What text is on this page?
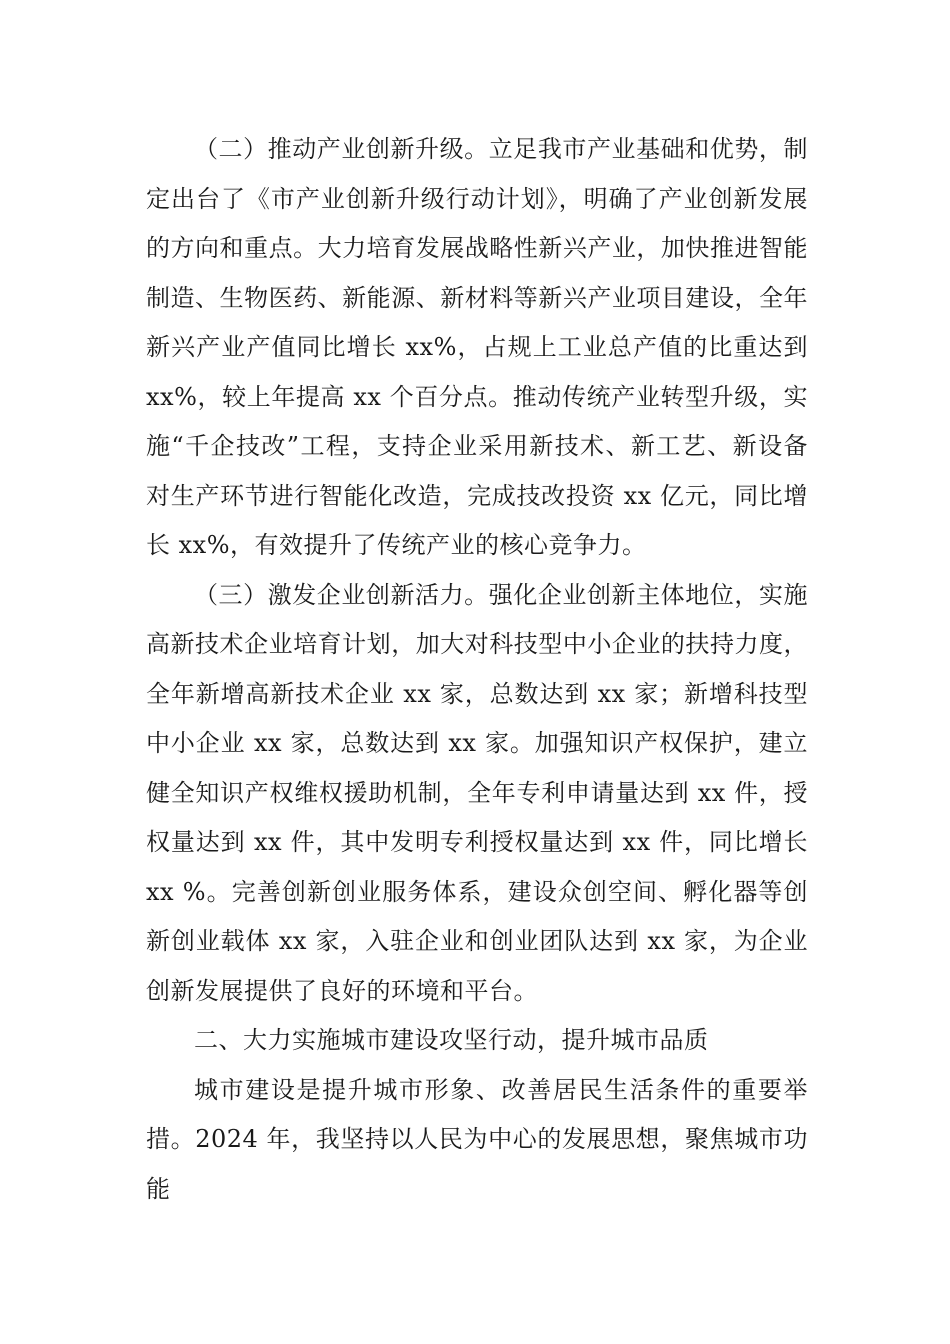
（二）推动产业创新升级。立足我市产业基础和优势，制定出台了《市产业创新升级行动计划》，明确了产业创新发展的方向和重点。大力培育发展战略性新兴产业，加快推进智能制造、生物医药、新能源、新材料等新兴产业项目建设，全年新兴产业产值同比增长 xx%，占规上工业总产值的比重达到 xx%，较上年提高 xx 个百分点。推动传统产业转型升级，实施“千企技改”工程，支持企业采用新技术、新工艺、新设备对生产环节进行智能化改造，完成技改投资 xx 亿元，同比增长 xx%，有效提升了传统产业的核心竞争力。

（三）激发企业创新活力。强化企业创新主体地位，实施高新技术企业培育计划，加大对科技型中小企业的扶持力度，全年新增高新技术企业 xx 家，总数达到 xx 家；新增科技型中小企业 xx 家，总数达到 xx 家。加强知识产权保护，建立健全知识产权维权援助机制，全年专利申请量达到 xx 件，授权量达到 xx 件，其中发明专利授权量达到 xx 件，同比增长 xx %。完善创新创业服务体系，建设众创空间、孵化器等创新创业载体 xx 家，入驻企业和创业团队达到 xx 家，为企业创新发展提供了良好的环境和平台。

二、大力实施城市建设攻坚行动，提升城市品质

城市建设是提升城市形象、改善居民生活条件的重要举措。2024 年，我坚持以人民为中心的发展思想，聚焦城市功能
